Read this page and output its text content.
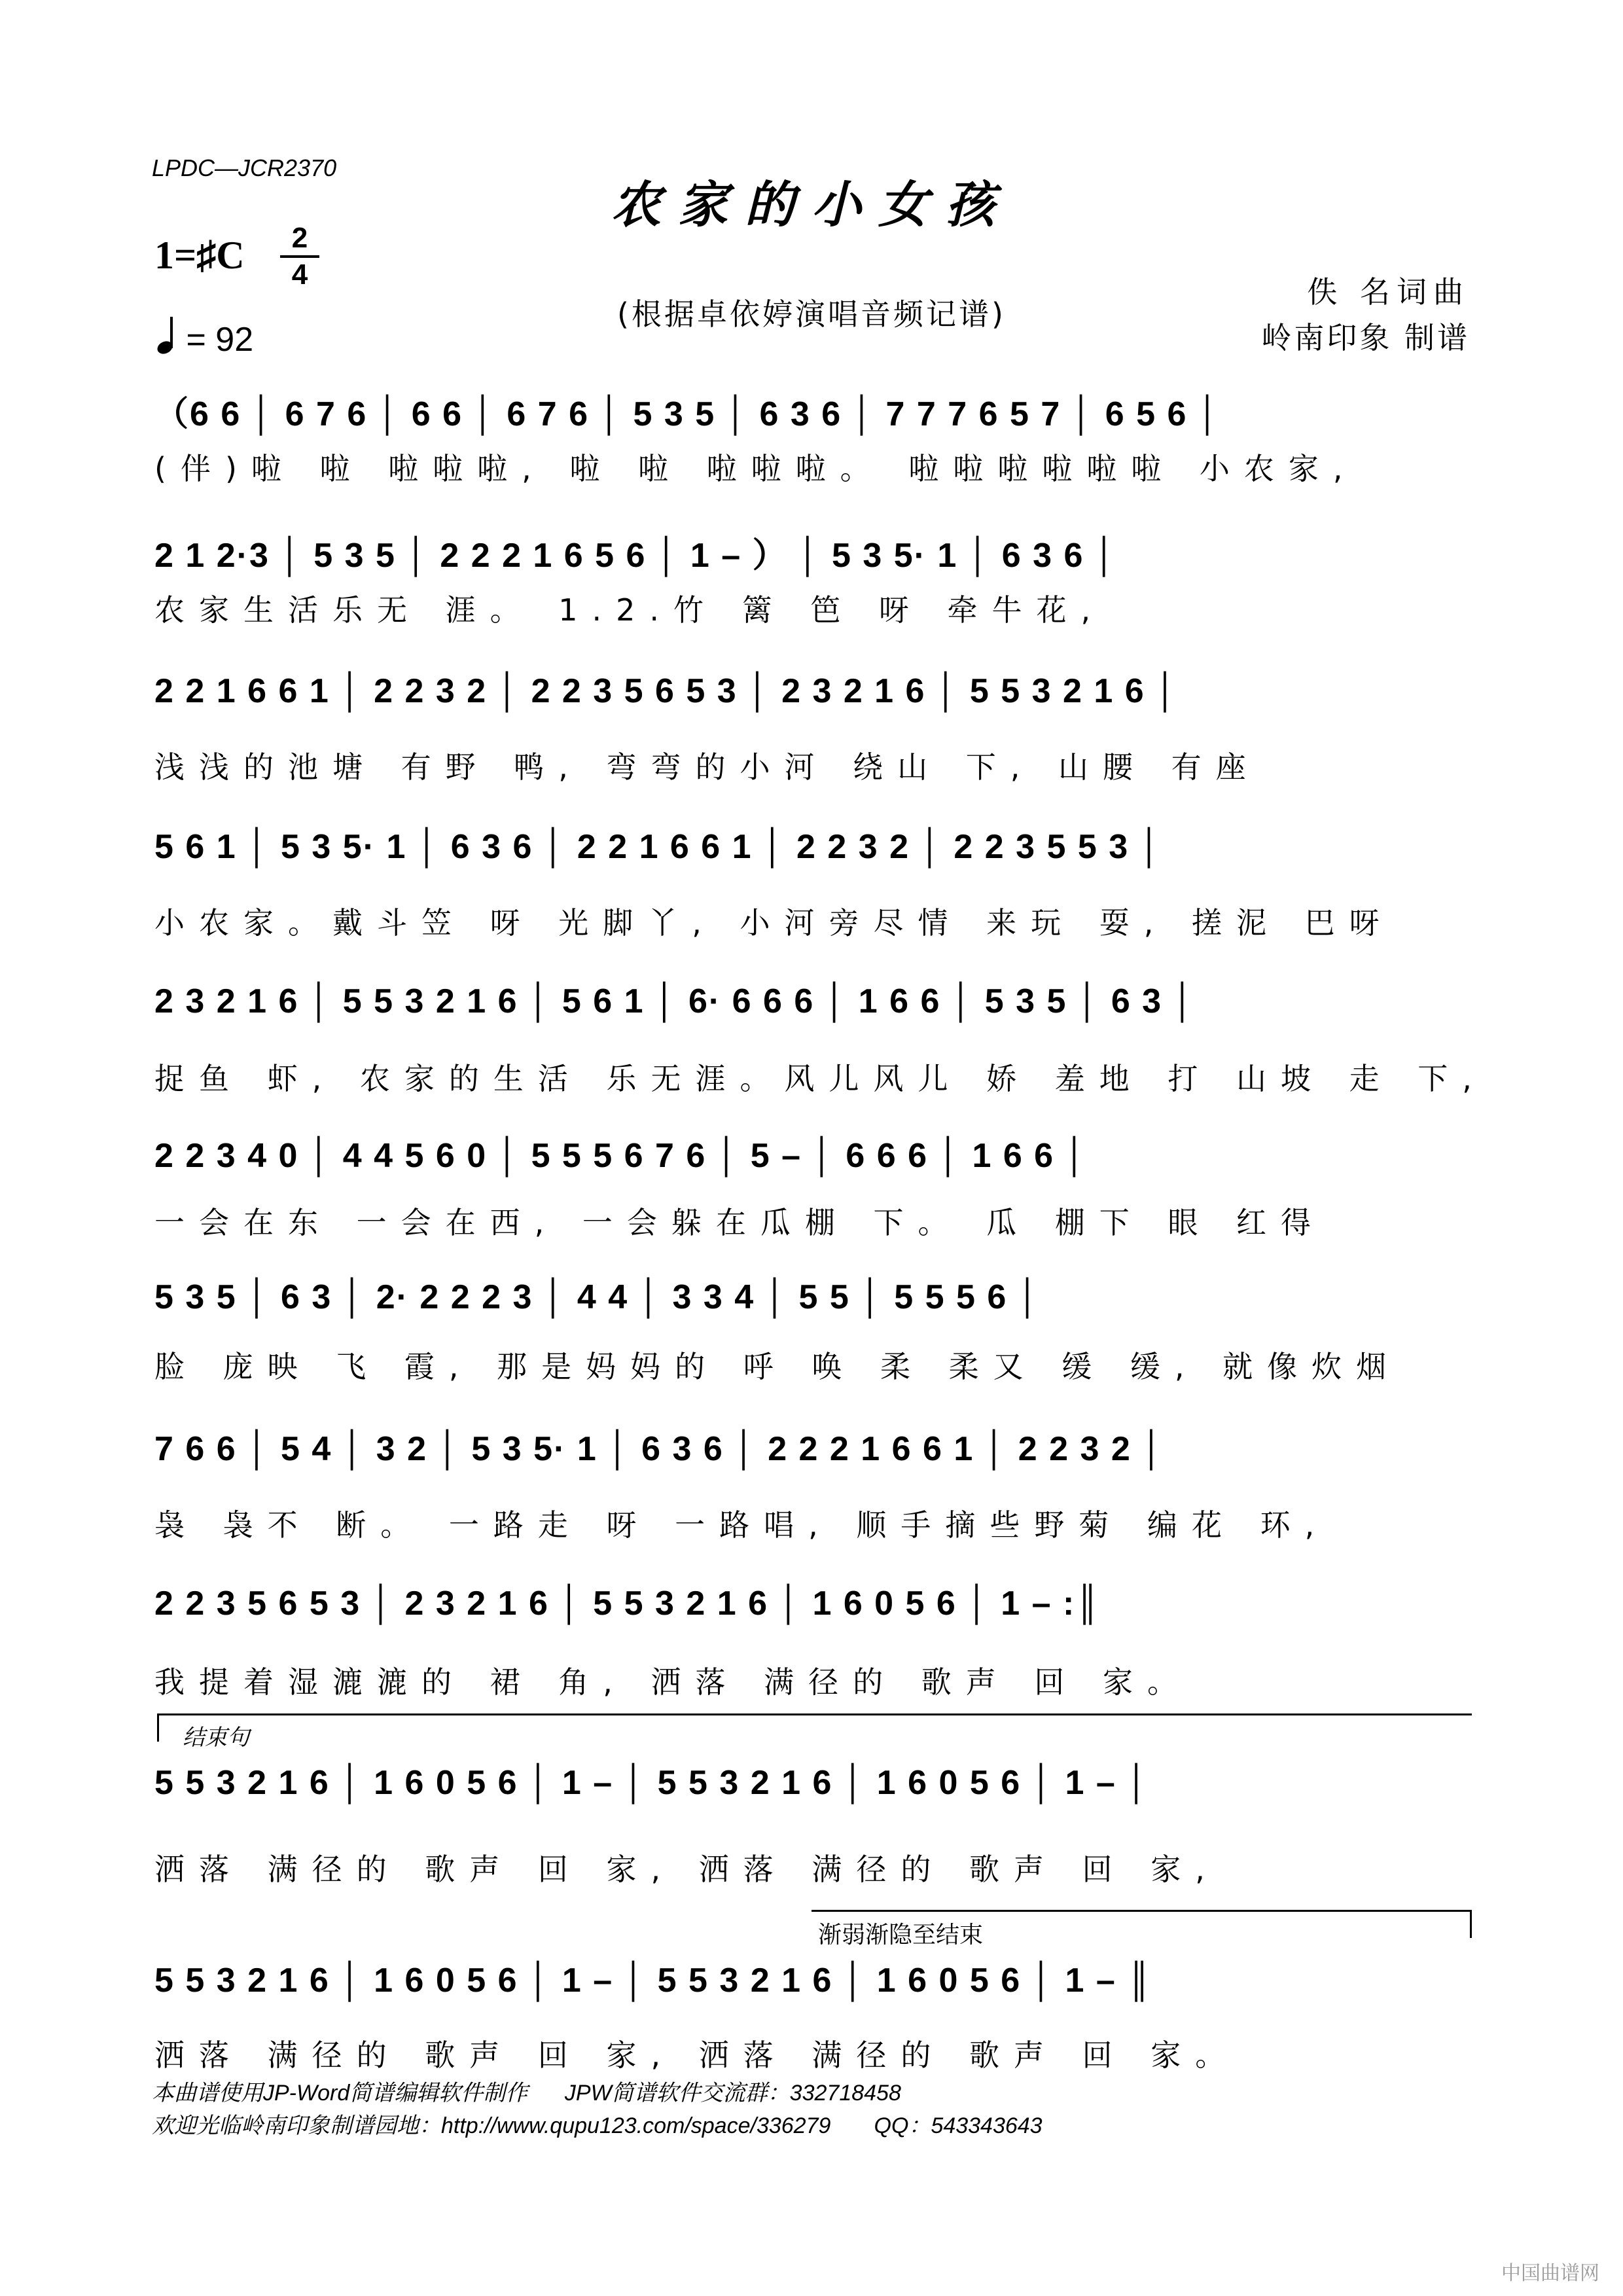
LPDC—JCR2370
农家的小女孩
1=♯C	2
4
= 92
(根据卓依婷演唱音频记谱)
佚 名词曲
岭南印象 制谱
（6 6 │ 6 7 6 │ 6 6 │ 6 7 6 │ 5 3 5 │ 6 3 6 │ 7 7 7 6 5 7 │ 6 5 6 │
(伴)啦 啦 啦啦啦, 啦 啦 啦啦啦。 啦啦啦啦啦啦 小农家,
2 1 2·3 │ 5 3 5 │ 2 2 2 1 6 5 6 │ 1 – ） │ 5 3 5· 1 │ 6 3 6 │
农家生活乐无 涯。 1.2.竹 篱 笆 呀 牵牛花,
2 2 1 6 6 1 │ 2 2 3 2 │ 2 2 3 5 6 5 3 │ 2 3 2 1 6 │ 5 5 3 2 1 6 │
浅浅的池塘 有野 鸭, 弯弯的小河 绕山 下, 山腰 有座
5 6 1 │ 5 3 5· 1 │ 6 3 6 │ 2 2 1 6 6 1 │ 2 2 3 2 │ 2 2 3 5 5 3 │
小农家。戴斗笠 呀 光脚丫, 小河旁尽情 来玩 耍, 搓泥 巴呀
2 3 2 1 6 │ 5 5 3 2 1 6 │ 5 6 1 │ 6· 6 6 6 │ 1 6 6 │ 5 3 5 │ 6 3 │
捉鱼 虾, 农家的生活 乐无涯。风儿风儿 娇 羞地 打 山坡 走 下,
2 2 3 4 0 │ 4 4 5 6 0 │ 5 5 5 6 7 6 │ 5 – │ 6 6 6 │ 1 6 6 │
一会在东 一会在西, 一会躲在瓜棚 下。 瓜 棚下 眼 红得
5 3 5 │ 6 3 │ 2· 2 2 2 3 │ 4 4 │ 3 3 4 │ 5 5 │ 5 5 5 6 │
脸 庞映 飞 霞, 那是妈妈的 呼 唤 柔 柔又 缓 缓, 就像炊烟
7 6 6 │ 5 4 │ 3 2 │ 5 3 5· 1 │ 6 3 6 │ 2 2 2 1 6 6 1 │ 2 2 3 2 │
袅 袅不 断。 一路走 呀 一路唱, 顺手摘些野菊 编花 环,
2 2 3 5 6 5 3 │ 2 3 2 1 6 │ 5 5 3 2 1 6 │ 1 6 0 5 6 │ 1 – :║
我提着湿漉漉的 裙 角, 洒落 满径的 歌声 回 家。
结束句
5 5 3 2 1 6 │ 1 6 0 5 6 │ 1 – │ 5 5 3 2 1 6 │ 1 6 0 5 6 │ 1 – │
洒落 满径的 歌声 回 家, 洒落 满径的 歌声 回 家,
渐弱渐隐至结束
5 5 3 2 1 6 │ 1 6 0 5 6 │ 1 – │ 5 5 3 2 1 6 │ 1 6 0 5 6 │ 1 – ║
洒落 满径的 歌声 回 家, 洒落 满径的 歌声 回 家。
本曲谱使用JP-Word简谱编辑软件制作      JPW简谱软件交流群：332718458
欢迎光临岭南印象制谱园地：http://www.qupu123.com/space/336279       QQ：543343643
中国曲谱网
